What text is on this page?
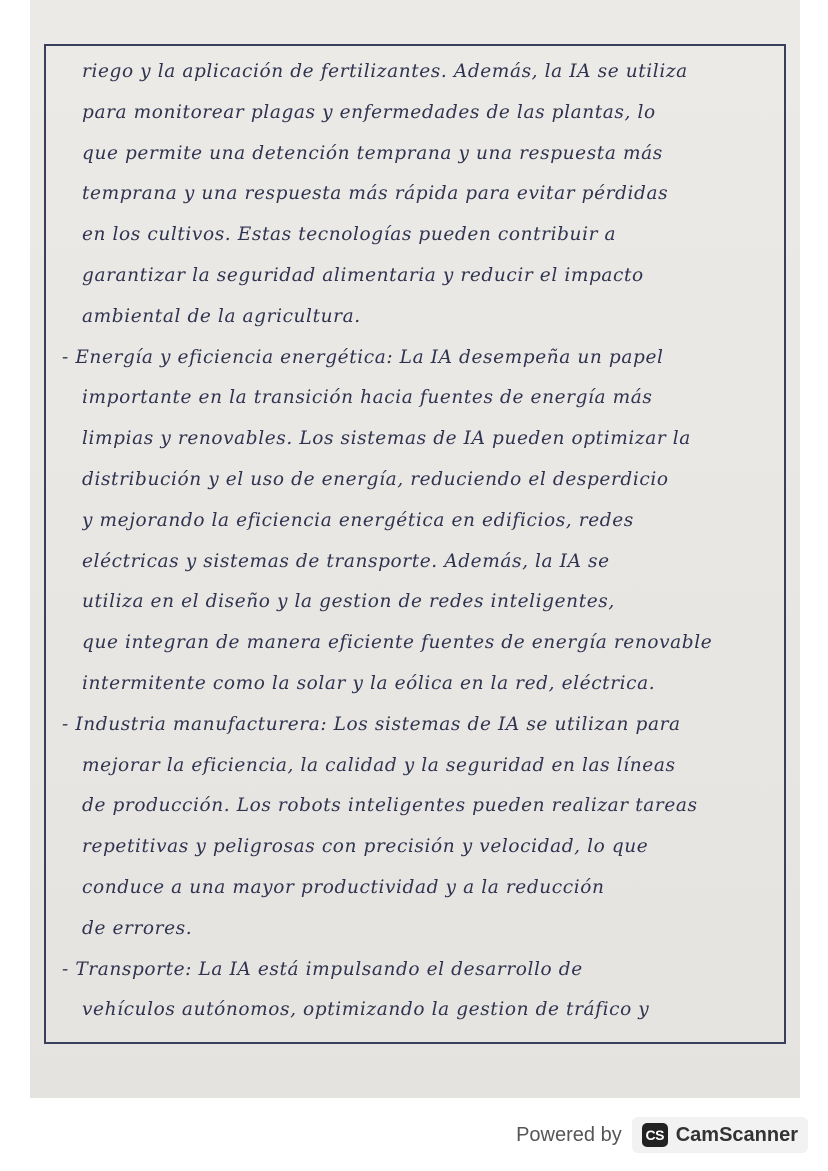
riego y la aplicación de fertilizantes. Además, la IA se utiliza
para monitorear plagas y enfermedades de las plantas, lo
que permite una detención temprana y una respuesta más
temprana y una respuesta más rápida para evitar pérdidas
en los cultivos. Estas tecnologías pueden contribuir a
garantizar la seguridad alimentaria y reducir el impacto
ambiental de la agricultura.
- Energía y eficiencia energética: La IA desempeña un papel
importante en la transición hacia fuentes de energía más
limpias y renovables. Los sistemas de IA pueden optimizar la
distribución y el uso de energía, reduciendo el desperdicio
y mejorando la eficiencia energética en edificios, redes
eléctricas y sistemas de transporte. Además, la IA se
utiliza en el diseño y la gestion de redes inteligentes,
que integran de manera eficiente fuentes de energía renovable
intermitente como la solar y la eólica en la red, eléctrica.
- Industria manufacturera: Los sistemas de IA se utilizan para
mejorar la eficiencia, la calidad y la seguridad en las líneas
de producción. Los robots inteligentes pueden realizar tareas
repetitivas y peligrosas con precisión y velocidad, lo que
conduce a una mayor productividad y a la reducción
de errores.
- Transporte: La IA está impulsando el desarrollo de
vehículos autónomos, optimizando la gestion de tráfico y
Powered by CS CamScanner
